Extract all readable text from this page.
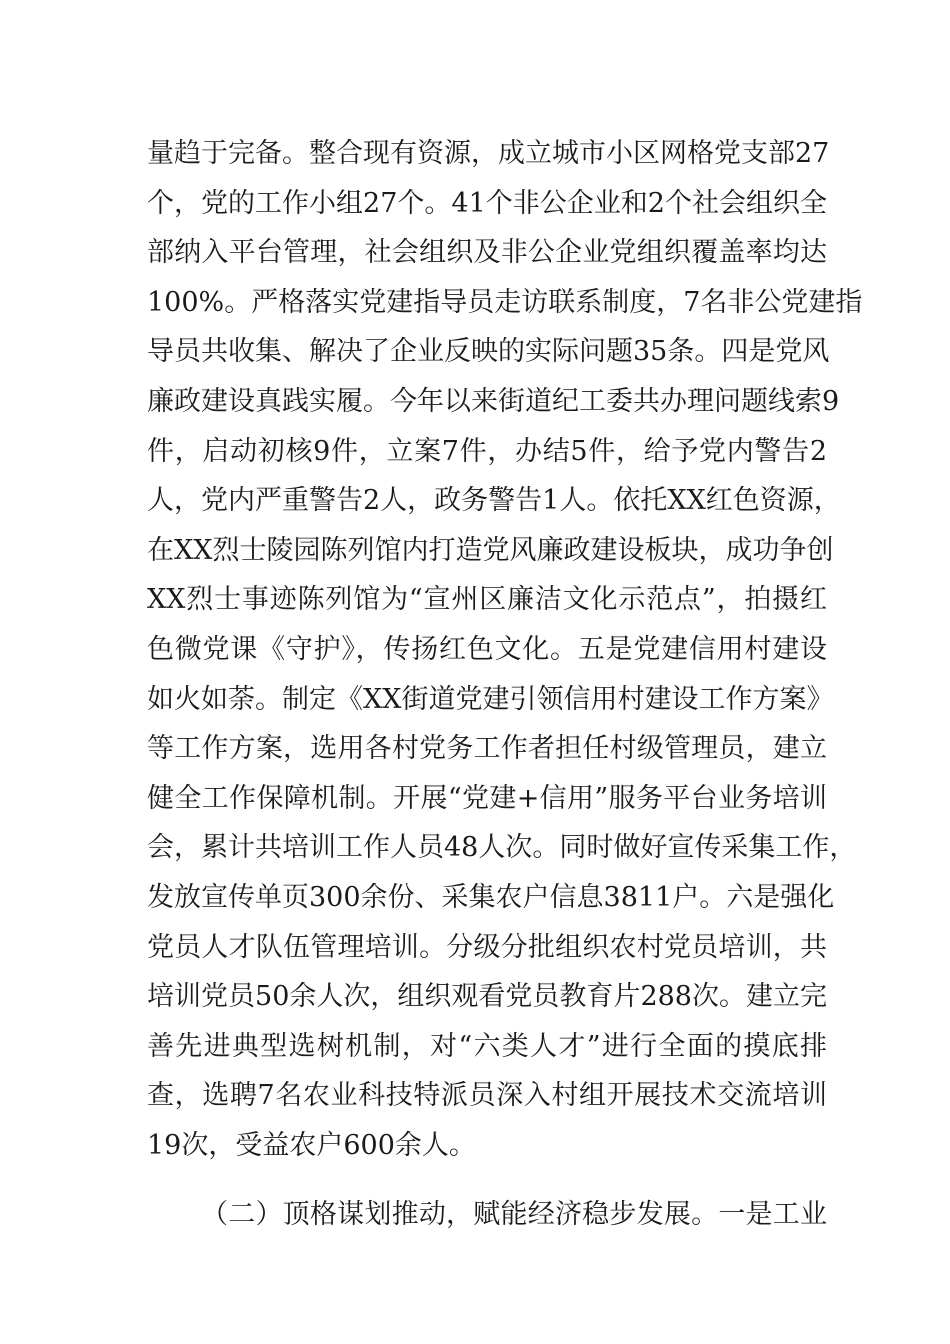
量趋于完备。整合现有资源，成立城市小区网格党支部27
个，党的工作小组27个。41个非公企业和2个社会组织全
部纳入平台管理，社会组织及非公企业党组织覆盖率均达
100%。严格落实党建指导员走访联系制度，7名非公党建指
导员共收集、解决了企业反映的实际问题35条。四是党风
廉政建设真践实履。今年以来街道纪工委共办理问题线索9
件，启动初核9件，立案7件，办结5件，给予党内警告2
人，党内严重警告2人，政务警告1人。依托XX红色资源，
在XX烈士陵园陈列馆内打造党风廉政建设板块，成功争创
XX烈士事迹陈列馆为“宣州区廉洁文化示范点”，拍摄红
色微党课《守护》，传扬红色文化。五是党建信用村建设
如火如荼。制定《XX街道党建引领信用村建设工作方案》
等工作方案，选用各村党务工作者担任村级管理员，建立
健全工作保障机制。开展“党建+信用”服务平台业务培训
会，累计共培训工作人员48人次。同时做好宣传采集工作，
发放宣传单页300余份、采集农户信息3811户。六是强化
党员人才队伍管理培训。分级分批组织农村党员培训，共
培训党员50余人次，组织观看党员教育片288次。建立完
善先进典型选树机制，对“六类人才”进行全面的摸底排
查，选聘7名农业科技特派员深入村组开展技术交流培训
19次，受益农户600余人。
（二）顶格谋划推动，赋能经济稳步发展。一是工业
